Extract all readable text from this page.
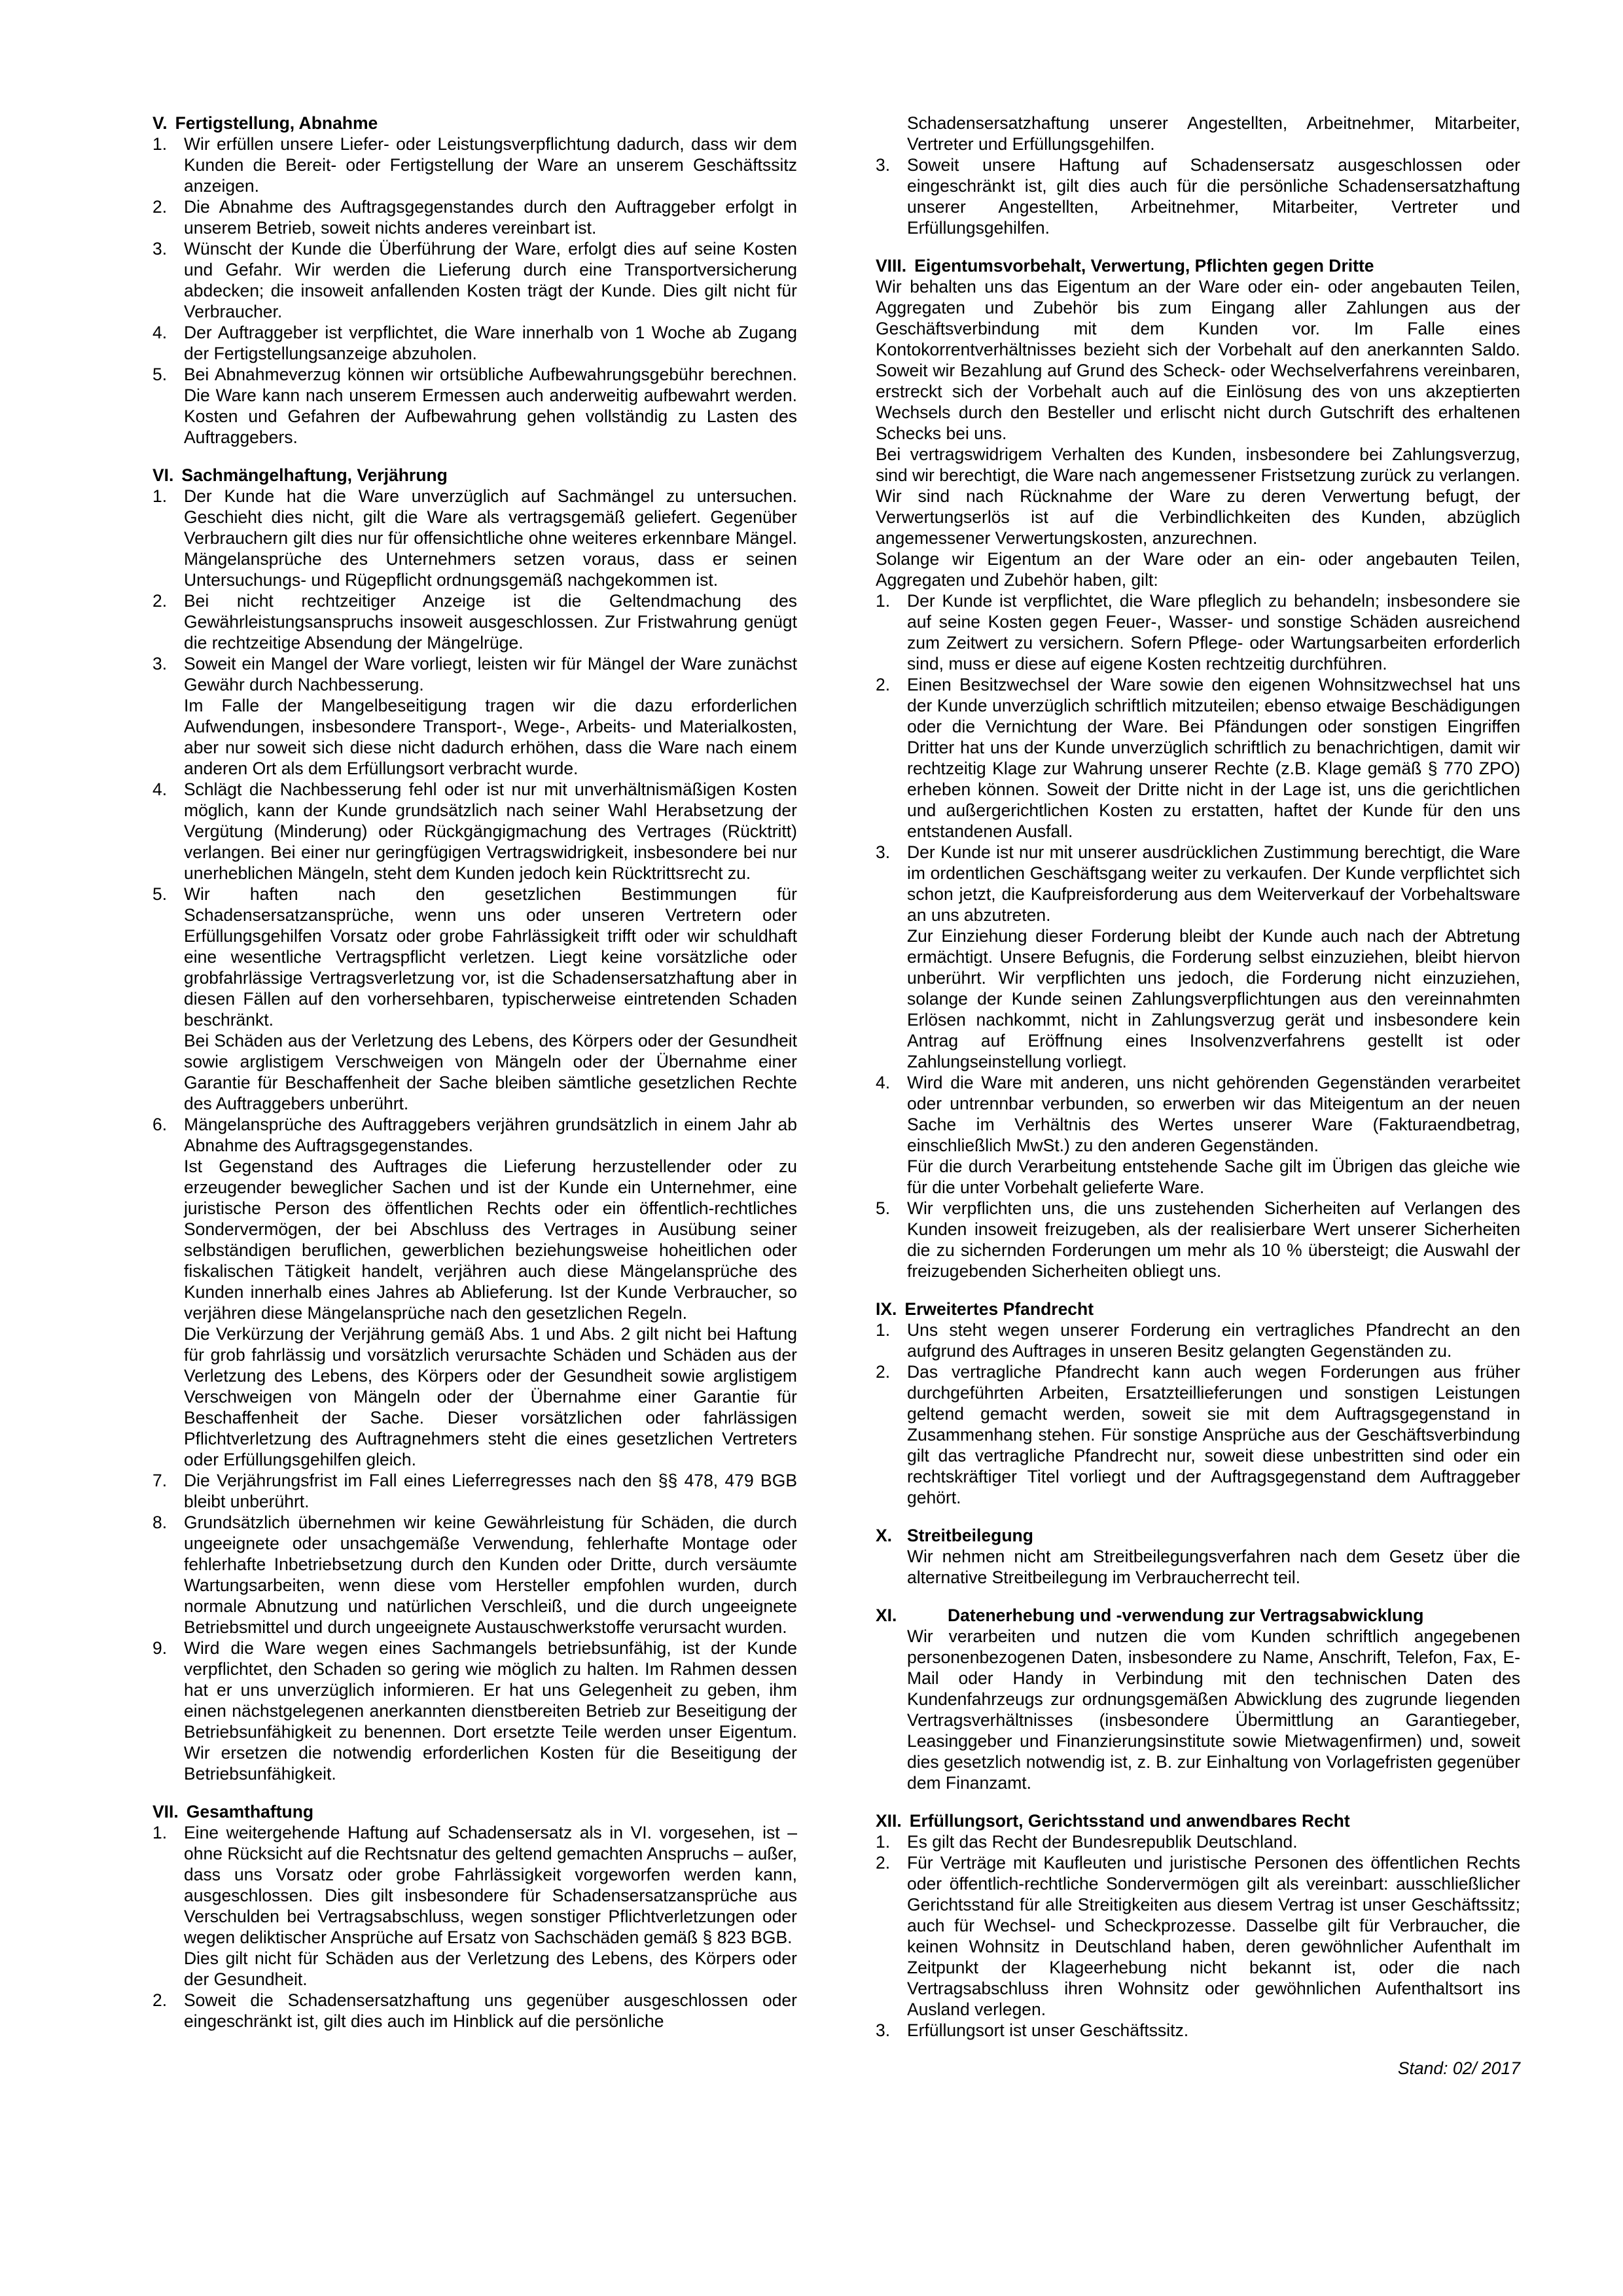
V. Fertigstellung, Abnahme
1. Wir erfüllen unsere Liefer- oder Leistungsverpflichtung dadurch, dass wir dem Kunden die Bereit- oder Fertigstellung der Ware an unserem Geschäftssitz anzeigen.

2. Die Abnahme des Auftragsgegenstandes durch den Auftraggeber erfolgt in unserem Betrieb, soweit nichts anderes vereinbart ist.

3. Wünscht der Kunde die Überführung der Ware, erfolgt dies auf seine Kosten und Gefahr. Wir werden die Lieferung durch eine Transportversicherung abdecken; die insoweit anfallenden Kosten trägt der Kunde. Dies gilt nicht für Verbraucher.

4. Der Auftraggeber ist verpflichtet, die Ware innerhalb von 1 Woche ab Zugang der Fertigstellungsanzeige abzuholen.

5. Bei Abnahmeverzug können wir ortsübliche Aufbewahrungsgebühr berechnen. Die Ware kann nach unserem Ermessen auch anderweitig aufbewahrt werden. Kosten und Gefahren der Aufbewahrung gehen vollständig zu Lasten des Auftraggebers.

VI. Sachmängelhaftung, Verjährung
1. Der Kunde hat die Ware unverzüglich auf Sachmängel zu untersuchen. Geschieht dies nicht, gilt die Ware als vertragsgemäß geliefert. Gegenüber Verbrauchern gilt dies nur für offensichtliche ohne weiteres erkennbare Mängel. Mängelansprüche des Unternehmers setzen voraus, dass er seinen Untersuchungs- und Rügepflicht ordnungsgemäß nachgekommen ist.

2. Bei nicht rechtzeitiger Anzeige ist die Geltendmachung des Gewährleistungsanspruchs insoweit ausgeschlossen. Zur Fristwahrung genügt die rechtzeitige Absendung der Mängelrüge.

3. Soweit ein Mangel der Ware vorliegt, leisten wir für Mängel der Ware zunächst Gewähr durch Nachbesserung.

Im Falle der Mangelbeseitigung tragen wir die dazu erforderlichen Aufwendungen, insbesondere Transport-, Wege-, Arbeits- und Materialkosten, aber nur soweit sich diese nicht dadurch erhöhen, dass die Ware nach einem anderen Ort als dem Erfüllungsort verbracht wurde.

4. Schlägt die Nachbesserung fehl oder ist nur mit unverhältnismäßigen Kosten möglich, kann der Kunde grundsätzlich nach seiner Wahl Herabsetzung der Vergütung (Minderung) oder Rückgängigmachung des Vertrages (Rücktritt) verlangen. Bei einer nur geringfügigen Vertragswidrigkeit, insbesondere bei nur unerheblichen Mängeln, steht dem Kunden jedoch kein Rücktrittsrecht zu.

5. Wir haften nach den gesetzlichen Bestimmungen für Schadensersatzansprüche, wenn uns oder unseren Vertretern oder Erfüllungsgehilfen Vorsatz oder grobe Fahrlässigkeit trifft oder wir schuldhaft eine wesentliche Vertragspflicht verletzen. Liegt keine vorsätzliche oder grobfahrlässige Vertragsverletzung vor, ist die Schadensersatzhaftung aber in diesen Fällen auf den vorhersehbaren, typischerweise eintretenden Schaden beschränkt.

Bei Schäden aus der Verletzung des Lebens, des Körpers oder der Gesundheit sowie arglistigem Verschweigen von Mängeln oder der Übernahme einer Garantie für Beschaffenheit der Sache bleiben sämtliche gesetzlichen Rechte des Auftraggebers unberührt.

6. Mängelansprüche des Auftraggebers verjähren grundsätzlich in einem Jahr ab Abnahme des Auftragsgegenstandes.

Ist Gegenstand des Auftrages die Lieferung herzustellender oder zu erzeugender beweglicher Sachen und ist der Kunde ein Unternehmer, eine juristische Person des öffentlichen Rechts oder ein öffentlich-rechtliches Sondervermögen, der bei Abschluss des Vertrages in Ausübung seiner selbständigen beruflichen, gewerblichen beziehungsweise hoheitlichen oder fiskalischen Tätigkeit handelt, verjähren auch diese Mängelansprüche des Kunden innerhalb eines Jahres ab Ablieferung. Ist der Kunde Verbraucher, so verjähren diese Mängelansprüche nach den gesetzlichen Regeln.

Die Verkürzung der Verjährung gemäß Abs. 1 und Abs. 2 gilt nicht bei Haftung für grob fahrlässig und vorsätzlich verursachte Schäden und Schäden aus der Verletzung des Lebens, des Körpers oder der Gesundheit sowie arglistigem Verschweigen von Mängeln oder der Übernahme einer Garantie für Beschaffenheit der Sache. Dieser vorsätzlichen oder fahrlässigen Pflichtverletzung des Auftragnehmers steht die eines gesetzlichen Vertreters oder Erfüllungsgehilfen gleich.

7. Die Verjährungsfrist im Fall eines Lieferregresses nach den §§ 478, 479 BGB bleibt unberührt.

8. Grundsätzlich übernehmen wir keine Gewährleistung für Schäden, die durch ungeeignete oder unsachgemäße Verwendung, fehlerhafte Montage oder fehlerhafte Inbetriebsetzung durch den Kunden oder Dritte, durch versäumte Wartungsarbeiten, wenn diese vom Hersteller empfohlen wurden, durch normale Abnutzung und natürlichen Verschleiß, und die durch ungeeignete Betriebsmittel und durch ungeeignete Austauschwerkstoffe verursacht wurden.

9. Wird die Ware wegen eines Sachmangels betriebsunfähig, ist der Kunde verpflichtet, den Schaden so gering wie möglich zu halten. Im Rahmen dessen hat er uns unverzüglich informieren. Er hat uns Gelegenheit zu geben, ihm einen nächstgelegenen anerkannten dienstbereiten Betrieb zur Beseitigung der Betriebsunfähigkeit zu benennen. Dort ersetzte Teile werden unser Eigentum. Wir ersetzen die notwendig erforderlichen Kosten für die Beseitigung der Betriebsunfähigkeit.

VII. Gesamthaftung
1. Eine weitergehende Haftung auf Schadensersatz als in VI. vorgesehen, ist – ohne Rücksicht auf die Rechtsnatur des geltend gemachten Anspruchs – außer, dass uns Vorsatz oder grobe Fahrlässigkeit vorgeworfen werden kann, ausgeschlossen. Dies gilt insbesondere für Schadensersatzansprüche aus Verschulden bei Vertragsabschluss, wegen sonstiger Pflichtverletzungen oder wegen deliktischer Ansprüche auf Ersatz von Sachschäden gemäß § 823 BGB.

Dies gilt nicht für Schäden aus der Verletzung des Lebens, des Körpers oder der Gesundheit.

2. Soweit die Schadensersatzhaftung uns gegenüber ausgeschlossen oder eingeschränkt ist, gilt dies auch im Hinblick auf die persönliche

Schadensersatzhaftung unserer Angestellten, Arbeitnehmer, Mitarbeiter, Vertreter und Erfüllungsgehilfen.

3. Soweit unsere Haftung auf Schadensersatz ausgeschlossen oder eingeschränkt ist, gilt dies auch für die persönliche Schadensersatzhaftung unserer Angestellten, Arbeitnehmer, Mitarbeiter, Vertreter und Erfüllungsgehilfen.

VIII. Eigentumsvorbehalt, Verwertung, Pflichten gegen Dritte

Wir behalten uns das Eigentum an der Ware oder ein- oder angebauten Teilen, Aggregaten und Zubehör bis zum Eingang aller Zahlungen aus der Geschäftsverbindung mit dem Kunden vor. Im Falle eines Kontokorrentverhältnisses bezieht sich der Vorbehalt auf den anerkannten Saldo. Soweit wir Bezahlung auf Grund des Scheck- oder Wechselverfahrens vereinbaren, erstreckt sich der Vorbehalt auch auf die Einlösung des von uns akzeptierten Wechsels durch den Besteller und erlischt nicht durch Gutschrift des erhaltenen Schecks bei uns.

Bei vertragswidrigem Verhalten des Kunden, insbesondere bei Zahlungsverzug, sind wir berechtigt, die Ware nach angemessener Fristsetzung zurück zu verlangen. Wir sind nach Rücknahme der Ware zu deren Verwertung befugt, der Verwertungserlös ist auf die Verbindlichkeiten des Kunden, abzüglich angemessener Verwertungskosten, anzurechnen.

Solange wir Eigentum an der Ware oder an ein- oder angebauten Teilen, Aggregaten und Zubehör haben, gilt:

1. Der Kunde ist verpflichtet, die Ware pfleglich zu behandeln; insbesondere sie auf seine Kosten gegen Feuer-, Wasser- und sonstige Schäden ausreichend zum Zeitwert zu versichern. Sofern Pflege- oder Wartungsarbeiten erforderlich sind, muss er diese auf eigene Kosten rechtzeitig durchführen.

2. Einen Besitzwechsel der Ware sowie den eigenen Wohnsitzwechsel hat uns der Kunde unverzüglich schriftlich mitzuteilen; ebenso etwaige Beschädigungen oder die Vernichtung der Ware. Bei Pfändungen oder sonstigen Eingriffen Dritter hat uns der Kunde unverzüglich schriftlich zu benachrichtigen, damit wir rechtzeitig Klage zur Wahrung unserer Rechte (z.B. Klage gemäß § 770 ZPO) erheben können. Soweit der Dritte nicht in der Lage ist, uns die gerichtlichen und außergerichtlichen Kosten zu erstatten, haftet der Kunde für den uns entstandenen Ausfall.

3. Der Kunde ist nur mit unserer ausdrücklichen Zustimmung berechtigt, die Ware im ordentlichen Geschäftsgang weiter zu verkaufen. Der Kunde verpflichtet sich schon jetzt, die Kaufpreisforderung aus dem Weiterverkauf der Vorbehaltsware an uns abzutreten.

Zur Einziehung dieser Forderung bleibt der Kunde auch nach der Abtretung ermächtigt. Unsere Befugnis, die Forderung selbst einzuziehen, bleibt hiervon unberührt. Wir verpflichten uns jedoch, die Forderung nicht einzuziehen, solange der Kunde seinen Zahlungsverpflichtungen aus den vereinnahmten Erlösen nachkommt, nicht in Zahlungsverzug gerät und insbesondere kein Antrag auf Eröffnung eines Insolvenzverfahrens gestellt ist oder Zahlungseinstellung vorliegt.

4. Wird die Ware mit anderen, uns nicht gehörenden Gegenständen verarbeitet oder untrennbar verbunden, so erwerben wir das Miteigentum an der neuen Sache im Verhältnis des Wertes unserer Ware (Fakturaendbetrag, einschließlich MwSt.) zu den anderen Gegenständen.

Für die durch Verarbeitung entstehende Sache gilt im Übrigen das gleiche wie für die unter Vorbehalt gelieferte Ware.

5. Wir verpflichten uns, die uns zustehenden Sicherheiten auf Verlangen des Kunden insoweit freizugeben, als der realisierbare Wert unserer Sicherheiten die zu sichernden Forderungen um mehr als 10 % übersteigt; die Auswahl der freizugebenden Sicherheiten obliegt uns.

IX. Erweitertes Pfandrecht
1. Uns steht wegen unserer Forderung ein vertragliches Pfandrecht an den aufgrund des Auftrages in unseren Besitz gelangten Gegenständen zu.

2. Das vertragliche Pfandrecht kann auch wegen Forderungen aus früher durchgeführten Arbeiten, Ersatzteillieferungen und sonstigen Leistungen geltend gemacht werden, soweit sie mit dem Auftragsgegenstand in Zusammenhang stehen. Für sonstige Ansprüche aus der Geschäftsverbindung gilt das vertragliche Pfandrecht nur, soweit diese unbestritten sind oder ein rechtskräftiger Titel vorliegt und der Auftragsgegenstand dem Auftraggeber gehört.

X. Streitbeilegung

Wir nehmen nicht am Streitbeilegungsverfahren nach dem Gesetz über die alternative Streitbeilegung im Verbraucherrecht teil.

XI.	Datenerhebung und -verwendung zur Vertragsabwicklung

Wir verarbeiten und nutzen die vom Kunden schriftlich angegebenen personenbezogenen Daten, insbesondere zu Name, Anschrift, Telefon, Fax, E-Mail oder Handy in Verbindung mit den technischen Daten des Kundenfahrzeugs zur ordnungsgemäßen Abwicklung des zugrunde liegenden Vertragsverhältnisses (insbesondere Übermittlung an Garantiegeber, Leasinggeber und Finanzierungsinstitute sowie Mietwagenfirmen) und, soweit dies gesetzlich notwendig ist, z. B. zur Einhaltung von Vorlagefristen gegenüber dem Finanzamt.

XII. Erfüllungsort, Gerichtsstand und anwendbares Recht
1. Es gilt das Recht der Bundesrepublik Deutschland.

2. Für Verträge mit Kaufleuten und juristische Personen des öffentlichen Rechts oder öffentlich-rechtliche Sondervermögen gilt als vereinbart: ausschließlicher Gerichtsstand für alle Streitigkeiten aus diesem Vertrag ist unser Geschäftssitz; auch für Wechsel- und Scheckprozesse. Dasselbe gilt für Verbraucher, die keinen Wohnsitz in Deutschland haben, deren gewöhnlicher Aufenthalt im Zeitpunkt der Klageerhebung nicht bekannt ist, oder die nach Vertragsabschluss ihren Wohnsitz oder gewöhnlichen Aufenthaltsort ins Ausland verlegen.

3. Erfüllungsort ist unser Geschäftssitz.

Stand: 02/ 2017
